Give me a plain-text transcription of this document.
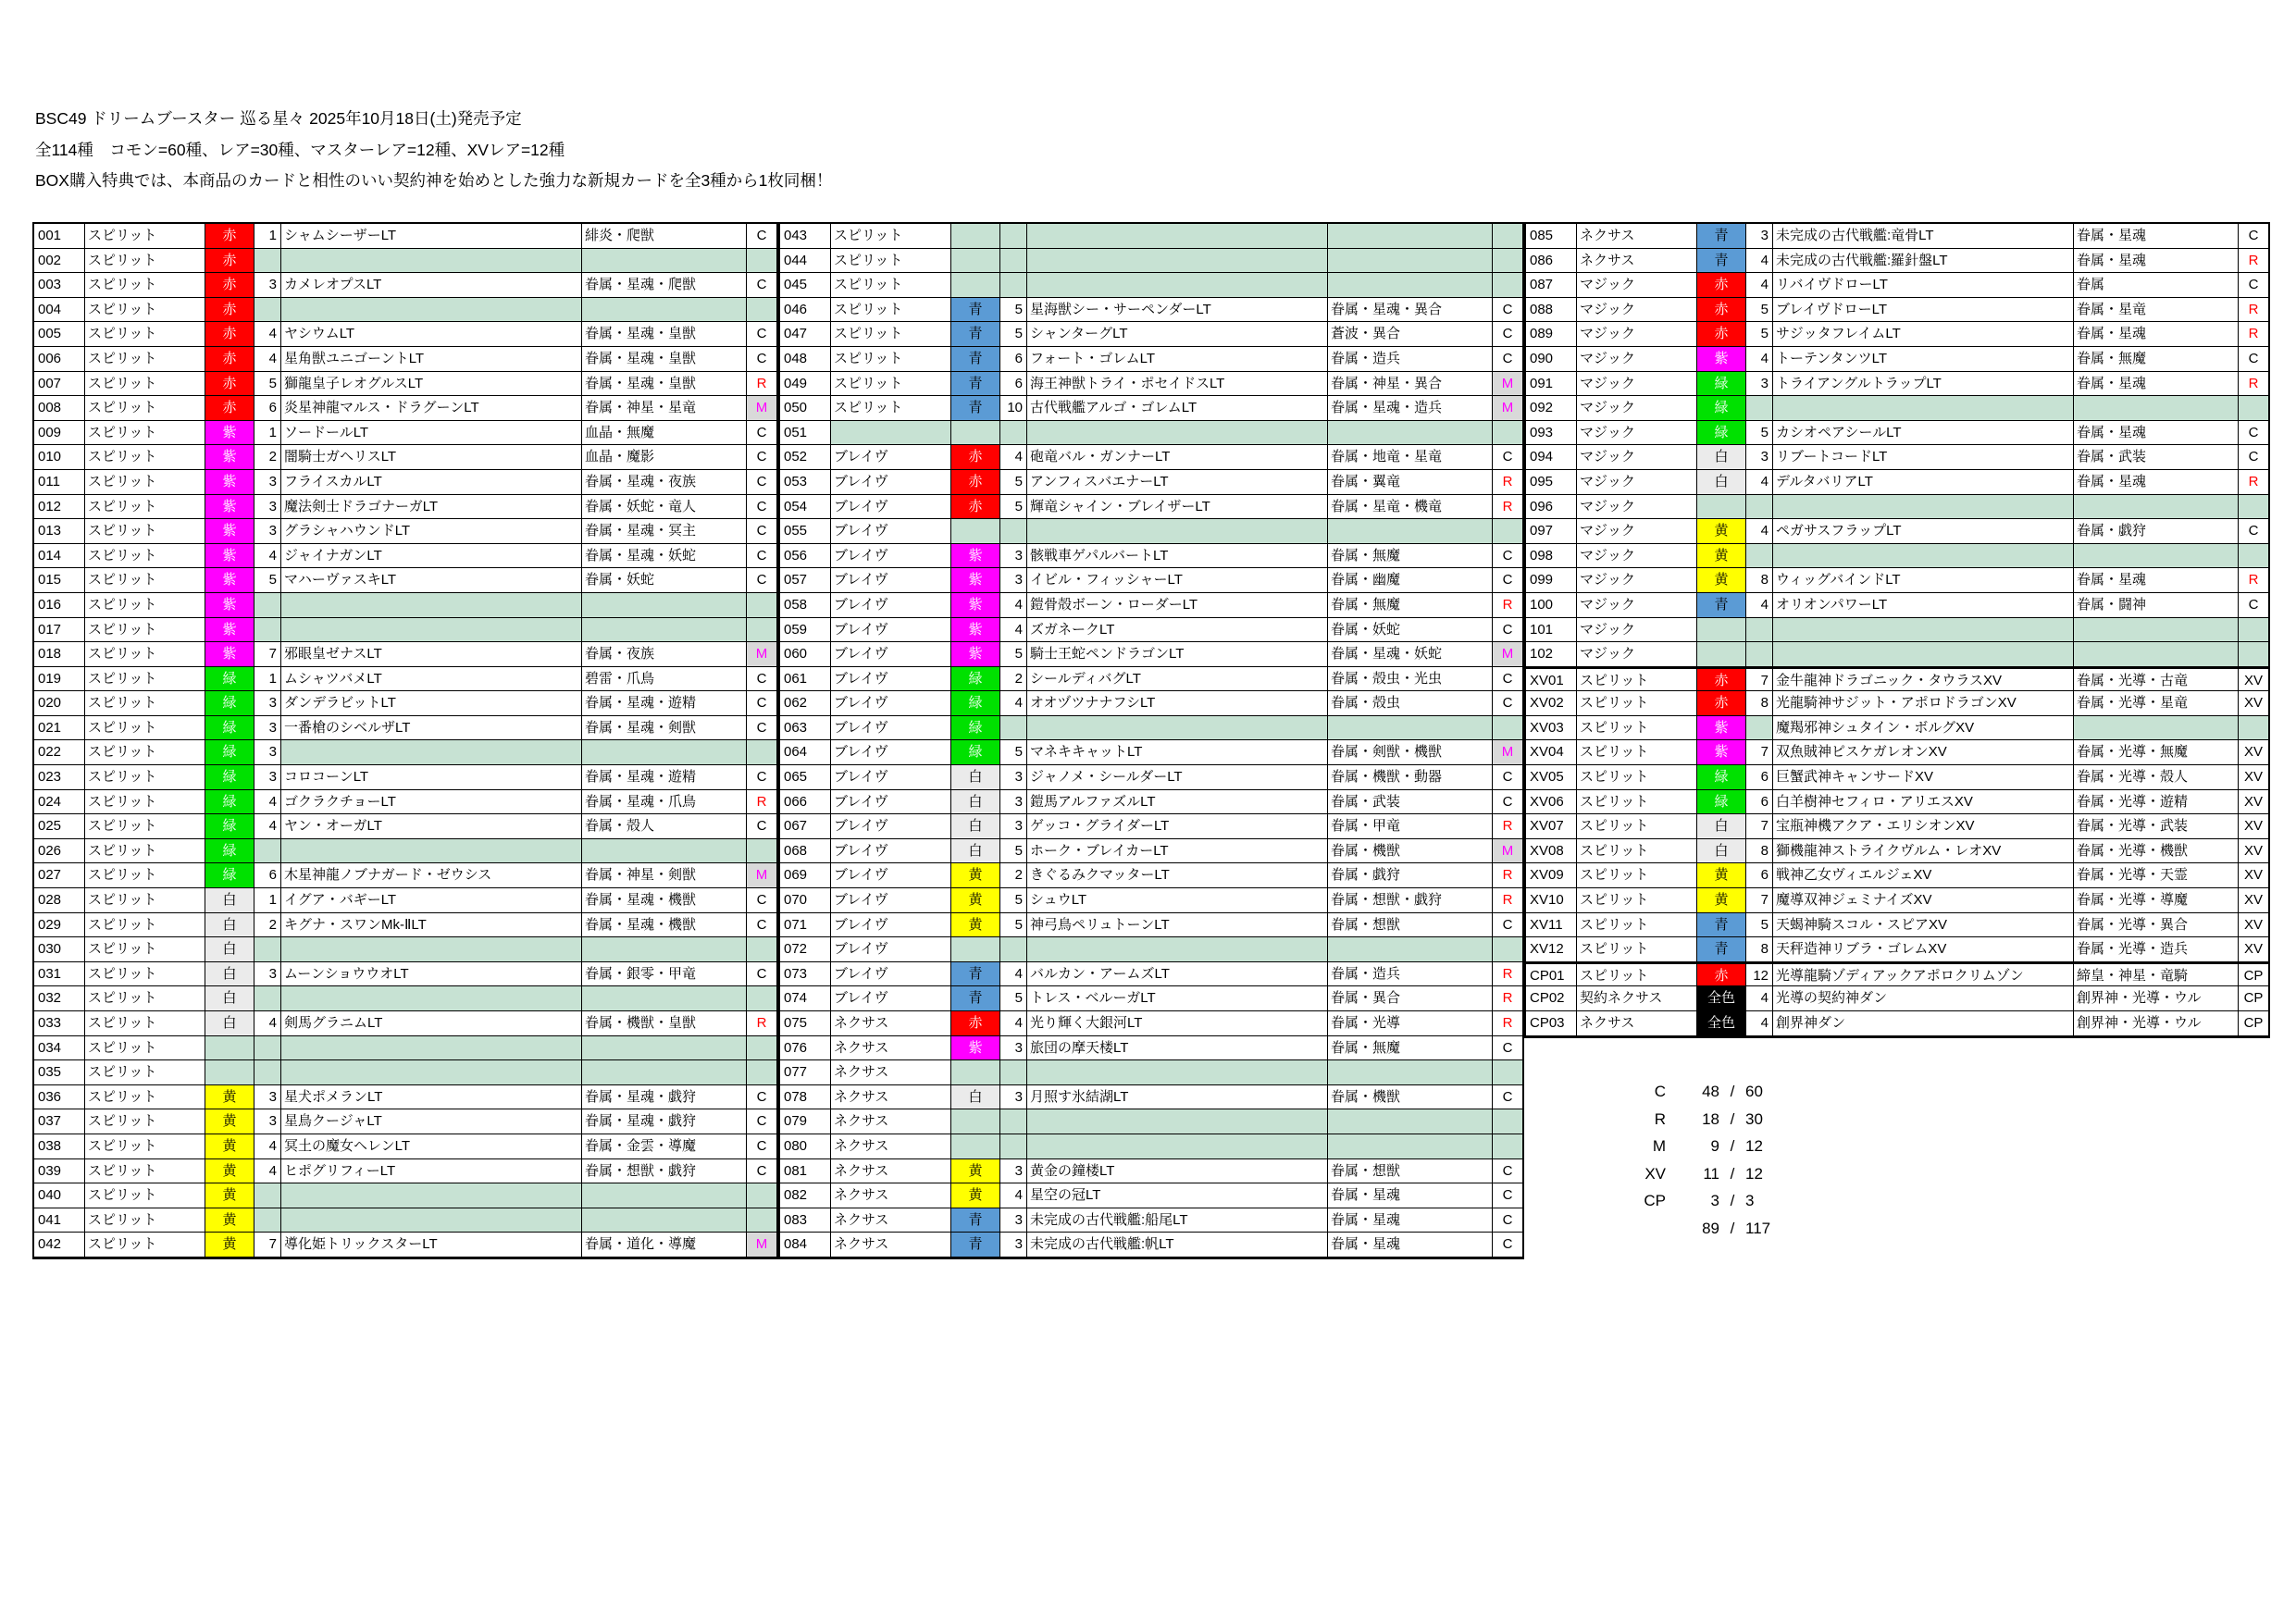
BSC49 ドリームブースター 巡る星々 2025年10月18日(土)発売予定
全114種　コモン=60種、レア=30種、マスターレア=12種、XVレア=12種
BOX購入特典では、本商品のカードと相性のいい契約神を始めとした強力な新規カードを全3種から1枚同梱！
001	スピリット	赤	1 シャムシーザーLT	緋炎・爬獣	C
002	スピリット	赤
003	スピリット	赤	3 カメレオプスLT	眷属・星魂・爬獣	C
004	スピリット	赤
005	スピリット	赤	4 ヤシウムLT	眷属・星魂・皇獣	C
006	スピリット	赤	4 星角獣ユニゴーントLT	眷属・星魂・皇獣	C
007	スピリット	赤	5 獅龍皇子レオグルスLT	眷属・星魂・皇獣	R
008	スピリット	赤	6 炎星神龍マルス・ドラグーンLT	眷属・神星・星竜	M
009	スピリット	紫	1 ソードールLT	血晶・無魔	C
010	スピリット	紫	2 闇騎士ガヘリスLT	血晶・魔影	C
011	スピリット	紫	3 フライスカルLT	眷属・星魂・夜族	C
012	スピリット	紫	3 魔法剣士ドラゴナーガLT	眷属・妖蛇・竜人	C
013	スピリット	紫	3 グラシャハウンドLT	眷属・星魂・冥主	C
014	スピリット	紫	4 ジャイナガンLT	眷属・星魂・妖蛇	C
015	スピリット	紫	5 マハーヴァスキLT	眷属・妖蛇	C
016	スピリット	紫
017	スピリット	紫
018	スピリット	紫	7 邪眼皇ゼナスLT	眷属・夜族	M
019	スピリット	緑	1 ムシャツバメLT	碧雷・爪鳥	C
020	スピリット	緑	3 ダンデラビットLT	眷属・星魂・遊精	C
021	スピリット	緑	3 一番槍のシベルザLT	眷属・星魂・剣獣	C
022	スピリット	緑	3
023	スピリット	緑	3 コロコーンLT	眷属・星魂・遊精	C
024	スピリット	緑	4 ゴクラクチョーLT	眷属・星魂・爪鳥	R
025	スピリット	緑	4 ヤン・オーガLT	眷属・殻人	C
026	スピリット	緑
027	スピリット	緑	6 木星神龍ノブナガード・ゼウシス	眷属・神星・剣獣	M
028	スピリット	白	1 イグア・バギーLT	眷属・星魂・機獣	C
029	スピリット	白	2 キグナ・スワンMk-ⅡLT	眷属・星魂・機獣	C
030	スピリット	白
031	スピリット	白	3 ムーンショウウオLT	眷属・銀零・甲竜	C
032	スピリット	白
033	スピリット	白	4 剣馬グラニムLT	眷属・機獣・皇獣	R
034	スピリット
035	スピリット
036	スピリット	黄	3 星犬ポメランLT	眷属・星魂・戯狩	C
037	スピリット	黄	3 星鳥クージャLT	眷属・星魂・戯狩	C
038	スピリット	黄	4 冥土の魔女ヘレンLT	眷属・金雲・導魔	C
039	スピリット	黄	4 ヒポグリフィーLT	眷属・想獣・戯狩	C
040	スピリット	黄
041	スピリット	黄
042	スピリット	黄	7 導化姫トリックスターLT	眷属・道化・導魔	M
043	スピリット
044	スピリット
045	スピリット
046	スピリット	青	5 星海獣シー・サーペンダーLT	眷属・星魂・異合	C
047	スピリット	青	5 シャンターグLT	蒼波・異合	C
048	スピリット	青	6 フォート・ゴレムLT	眷属・造兵	C
049	スピリット	青	6 海王神獣トライ・ポセイドスLT	眷属・神星・異合	M
050	スピリット	青	10 古代戦艦アルゴ・ゴレムLT	眷属・星魂・造兵	M
051
052	ブレイヴ	赤	4 砲竜バル・ガンナーLT	眷属・地竜・星竜	C
053	ブレイヴ	赤	5 アンフィスバエナーLT	眷属・翼竜	R
054	ブレイヴ	赤	5 輝竜シャイン・ブレイザーLT	眷属・星竜・機竜	R
055	ブレイヴ
056	ブレイヴ	紫	3 骸戦車ゲパルバートLT	眷属・無魔	C
057	ブレイヴ	紫	3 イビル・フィッシャーLT	眷属・幽魔	C
058	ブレイヴ	紫	4 鎧骨殻ボーン・ローダーLT	眷属・無魔	R
059	ブレイヴ	紫	4 ズガネークLT	眷属・妖蛇	C
060	ブレイヴ	紫	5 騎士王蛇ペンドラゴンLT	眷属・星魂・妖蛇	M
061	ブレイヴ	緑	2 シールディバグLT	眷属・殻虫・光虫	C
062	ブレイヴ	緑	4 オオヅツナナフシLT	眷属・殻虫	C
063	ブレイヴ	緑
064	ブレイヴ	緑	5 マネキキャットLT	眷属・剣獣・機獣	M
065	ブレイヴ	白	3 ジャノメ・シールダーLT	眷属・機獣・動器	C
066	ブレイヴ	白	3 鎧馬アルファズルLT	眷属・武装	C
067	ブレイヴ	白	3 ゲッコ・グライダーLT	眷属・甲竜	R
068	ブレイヴ	白	5 ホーク・ブレイカーLT	眷属・機獣	M
069	ブレイヴ	黄	2 きぐるみクマッターLT	眷属・戯狩	R
070	ブレイヴ	黄	5 シュウLT	眷属・想獣・戯狩	R
071	ブレイヴ	黄	5 神弓鳥ペリュトーンLT	眷属・想獣	C
072	ブレイヴ
073	ブレイヴ	青	4 バルカン・アームズLT	眷属・造兵	R
074	ブレイヴ	青	5 トレス・ベルーガLT	眷属・異合	R
075	ネクサス	赤	4 光り輝く大銀河LT	眷属・光導	R
076	ネクサス	紫	3 旅団の摩天楼LT	眷属・無魔	C
077	ネクサス
078	ネクサス	白	3 月照す氷結湖LT	眷属・機獣	C
079	ネクサス
080	ネクサス
081	ネクサス	黄	3 黄金の鐘楼LT	眷属・想獣	C
082	ネクサス	黄	4 星空の冠LT	眷属・星魂	C
083	ネクサス	青	3 未完成の古代戦艦:船尾LT	眷属・星魂	C
084	ネクサス	青	3 未完成の古代戦艦:帆LT	眷属・星魂	C
085	ネクサス	青	3 未完成の古代戦艦:竜骨LT	眷属・星魂	C
086	ネクサス	青	4 未完成の古代戦艦:羅針盤LT	眷属・星魂	R
087	マジック	赤	4 リバイヴドローLT	眷属	C
088	マジック	赤	5 ブレイヴドローLT	眷属・星竜	R
089	マジック	赤	5 サジッタフレイムLT	眷属・星魂	R
090	マジック	紫	4 トーテンタンツLT	眷属・無魔	C
091	マジック	緑	3 トライアングルトラップLT	眷属・星魂	R
092	マジック	緑
093	マジック	緑	5 カシオペアシールLT	眷属・星魂	C
094	マジック	白	3 リブートコードLT	眷属・武装	C
095	マジック	白	4 デルタバリアLT	眷属・星魂	R
096	マジック
097	マジック	黄	4 ペガサスフラップLT	眷属・戯狩	C
098	マジック	黄
099	マジック	黄	8 ウィッグバインドLT	眷属・星魂	R
100	マジック	青	4 オリオンパワーLT	眷属・闘神	C
101	マジック
102	マジック
XV01	スピリット	赤	7 金牛龍神ドラゴニック・タウラスXV	眷属・光導・古竜	XV
XV02	スピリット	赤	8 光龍騎神サジット・アポロドラゴンXV	眷属・光導・星竜	XV
XV03	スピリット	紫	魔羯邪神シュタイン・ボルグXV
XV04	スピリット	紫	7 双魚賊神ピスケガレオンXV	眷属・光導・無魔	XV
XV05	スピリット	緑	6 巨蟹武神キャンサードXV	眷属・光導・殻人	XV
XV06	スピリット	緑	6 白羊樹神セフィロ・アリエスXV	眷属・光導・遊精	XV
XV07	スピリット	白	7 宝瓶神機アクア・エリシオンXV	眷属・光導・武装	XV
XV08	スピリット	白	8 獅機龍神ストライクヴルム・レオXV	眷属・光導・機獣	XV
XV09	スピリット	黄	6 戦神乙女ヴィエルジェXV	眷属・光導・天霊	XV
XV10	スピリット	黄	7 魔導双神ジェミナイズXV	眷属・光導・導魔	XV
XV11	スピリット	青	5 天蝎神騎スコル・スピアXV	眷属・光導・異合	XV
XV12	スピリット	青	8 天秤造神リブラ・ゴレムXV	眷属・光導・造兵	XV
CP01	スピリット	赤	12 光導龍騎ゾディアックアポロクリムゾン	締皇・神星・竜騎	CP
CP02	契約ネクサス	全色	4 光導の契約神ダン	創界神・光導・ウル	CP
CP03	ネクサス	全色	4 創界神ダン	創界神・光導・ウル	CP
C	48 / 60
R	18 / 30
M	9 / 12
XV	11 / 12
CP	3 / 3
89 / 117
